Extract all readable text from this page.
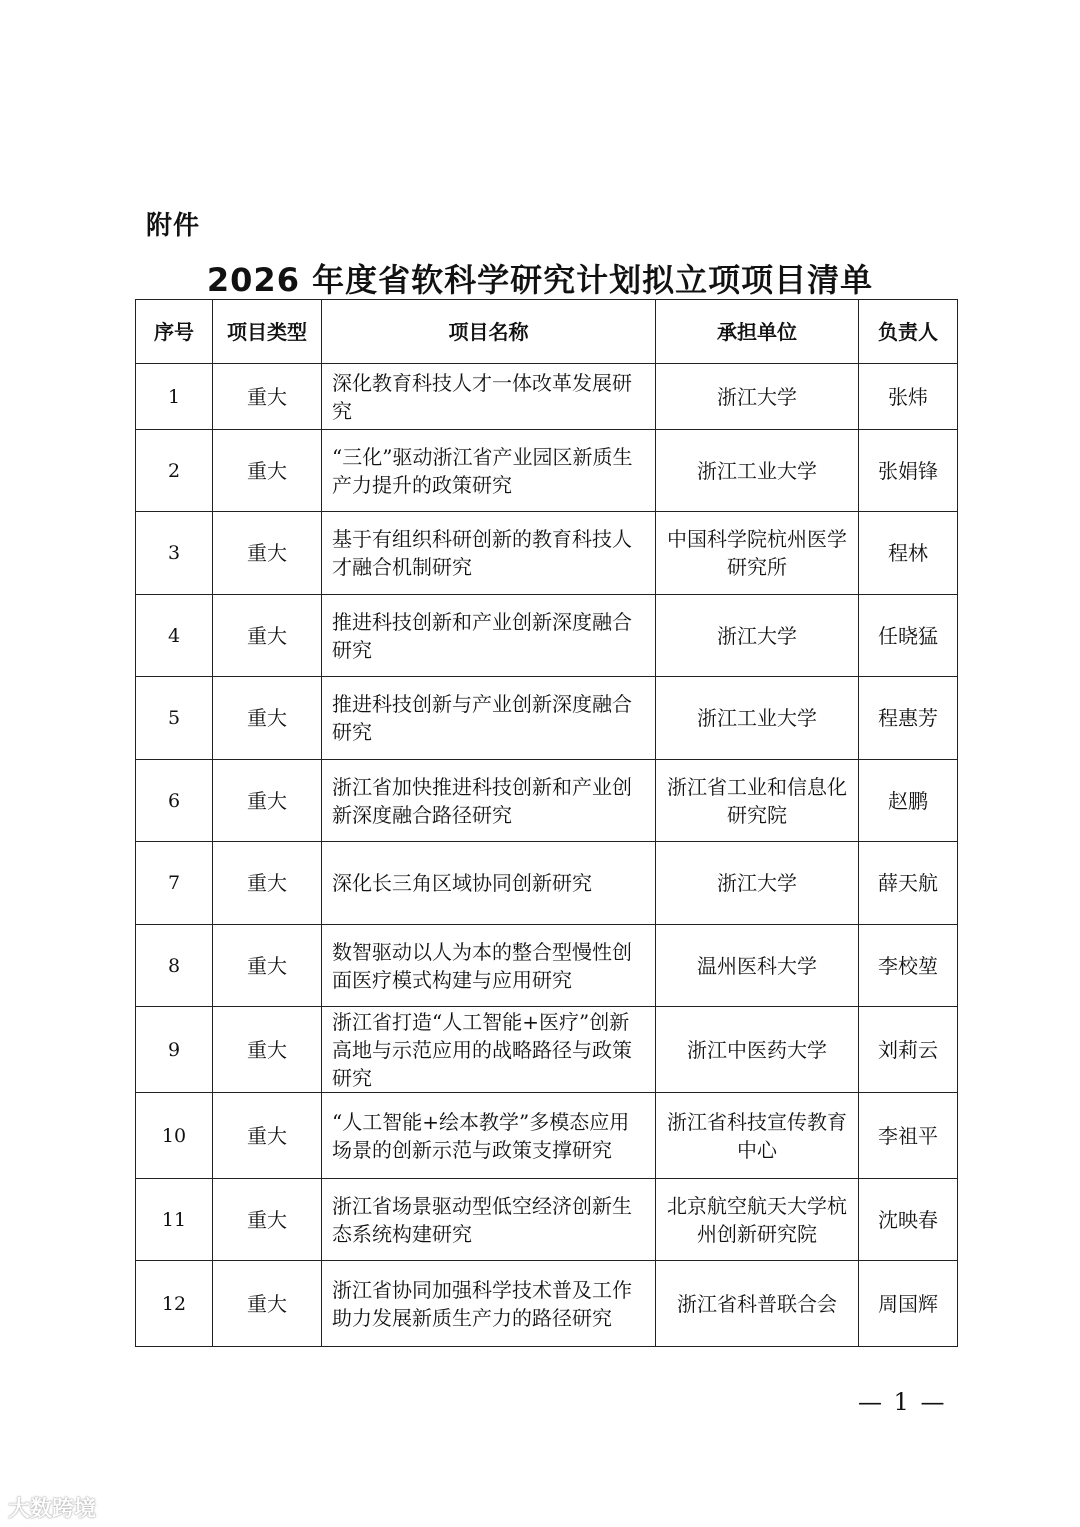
附件
2026 年度省软科学研究计划拟立项项目清单
序号	项目类型	项目名称	承担单位	负责人
1	重大	深化教育科技人才一体改革发展研究	浙江大学	张炜
2	重大	“三化”驱动浙江省产业园区新质生产力提升的政策研究	浙江工业大学	张娟锋
3	重大	基于有组织科研创新的教育科技人才融合机制研究	中国科学院杭州医学研究所	程林
4	重大	推进科技创新和产业创新深度融合研究	浙江大学	任晓猛
5	重大	推进科技创新与产业创新深度融合研究	浙江工业大学	程惠芳
6	重大	浙江省加快推进科技创新和产业创新深度融合路径研究	浙江省工业和信息化研究院	赵鹏
7	重大	深化长三角区域协同创新研究	浙江大学	薛天航
8	重大	数智驱动以人为本的整合型慢性创面医疗模式构建与应用研究	温州医科大学	李校堃
9	重大	浙江省打造“人工智能+医疗”创新高地与示范应用的战略路径与政策研究	浙江中医药大学	刘莉云
10	重大	“人工智能+绘本教学”多模态应用场景的创新示范与政策支撑研究	浙江省科技宣传教育中心	李祖平
11	重大	浙江省场景驱动型低空经济创新生态系统构建研究	北京航空航天大学杭州创新研究院	沈映春
12	重大	浙江省协同加强科学技术普及工作助力发展新质生产力的路径研究	浙江省科普联合会	周国辉
— 1 —
大数跨境
